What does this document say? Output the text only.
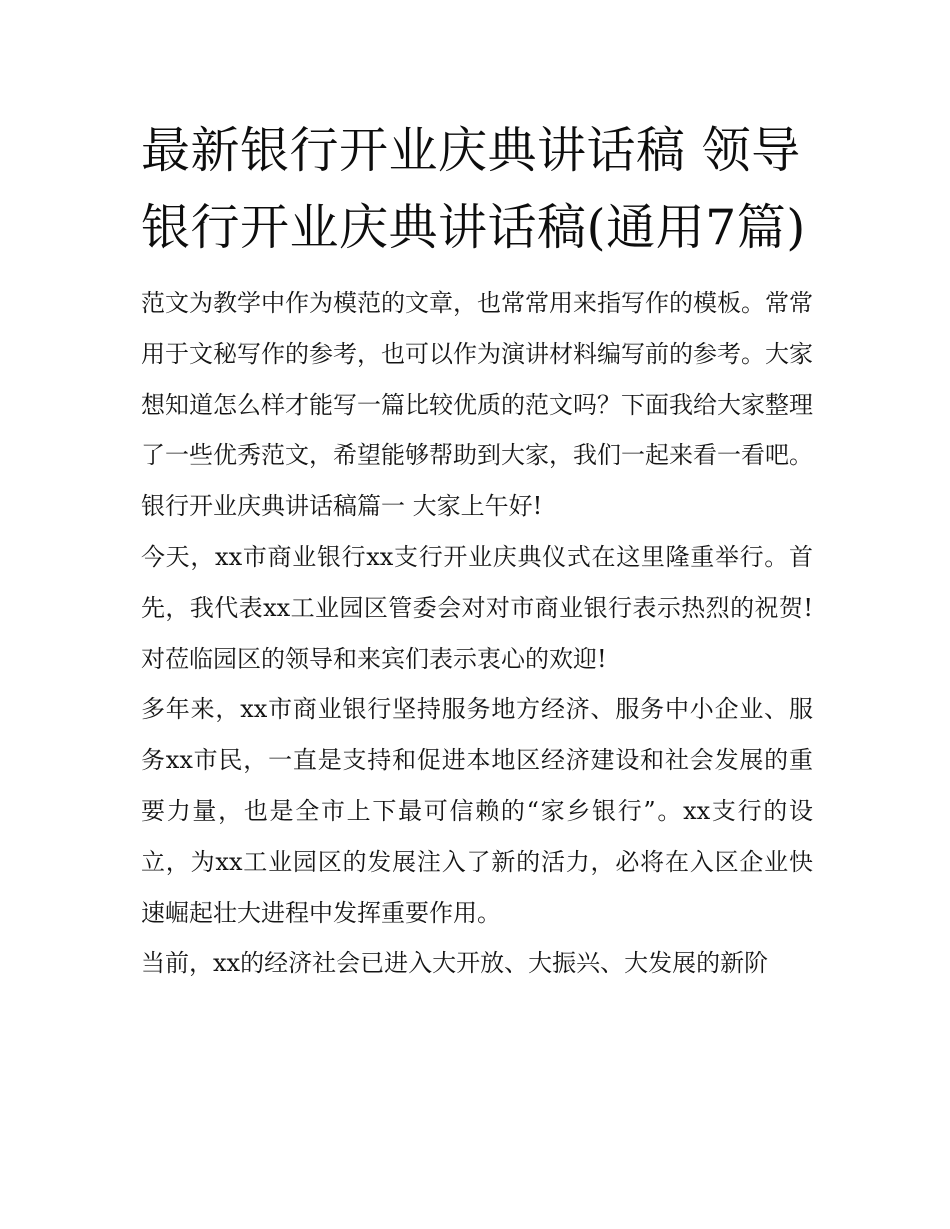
最新银行开业庆典讲话稿 领导银行开业庆典讲话稿(通用7篇)

范文为教学中作为模范的文章，也常常用来指写作的模板。常常用于文秘写作的参考，也可以作为演讲材料编写前的参考。大家想知道怎么样才能写一篇比较优质的范文吗？下面我给大家整理了一些优秀范文，希望能够帮助到大家，我们一起来看一看吧。

银行开业庆典讲话稿篇一 大家上午好!

今天，xx市商业银行xx支行开业庆典仪式在这里隆重举行。首先，我代表xx工业园区管委会对对市商业银行表示热烈的祝贺!对莅临园区的领导和来宾们表示衷心的欢迎!

多年来，xx市商业银行坚持服务地方经济、服务中小企业、服务xx市民，一直是支持和促进本地区经济建设和社会发展的重要力量，也是全市上下最可信赖的“家乡银行”。xx支行的设立，为xx工业园区的发展注入了新的活力，必将在入区企业快速崛起壮大进程中发挥重要作用。

当前，xx的经济社会已进入大开放、大振兴、大发展的新阶
